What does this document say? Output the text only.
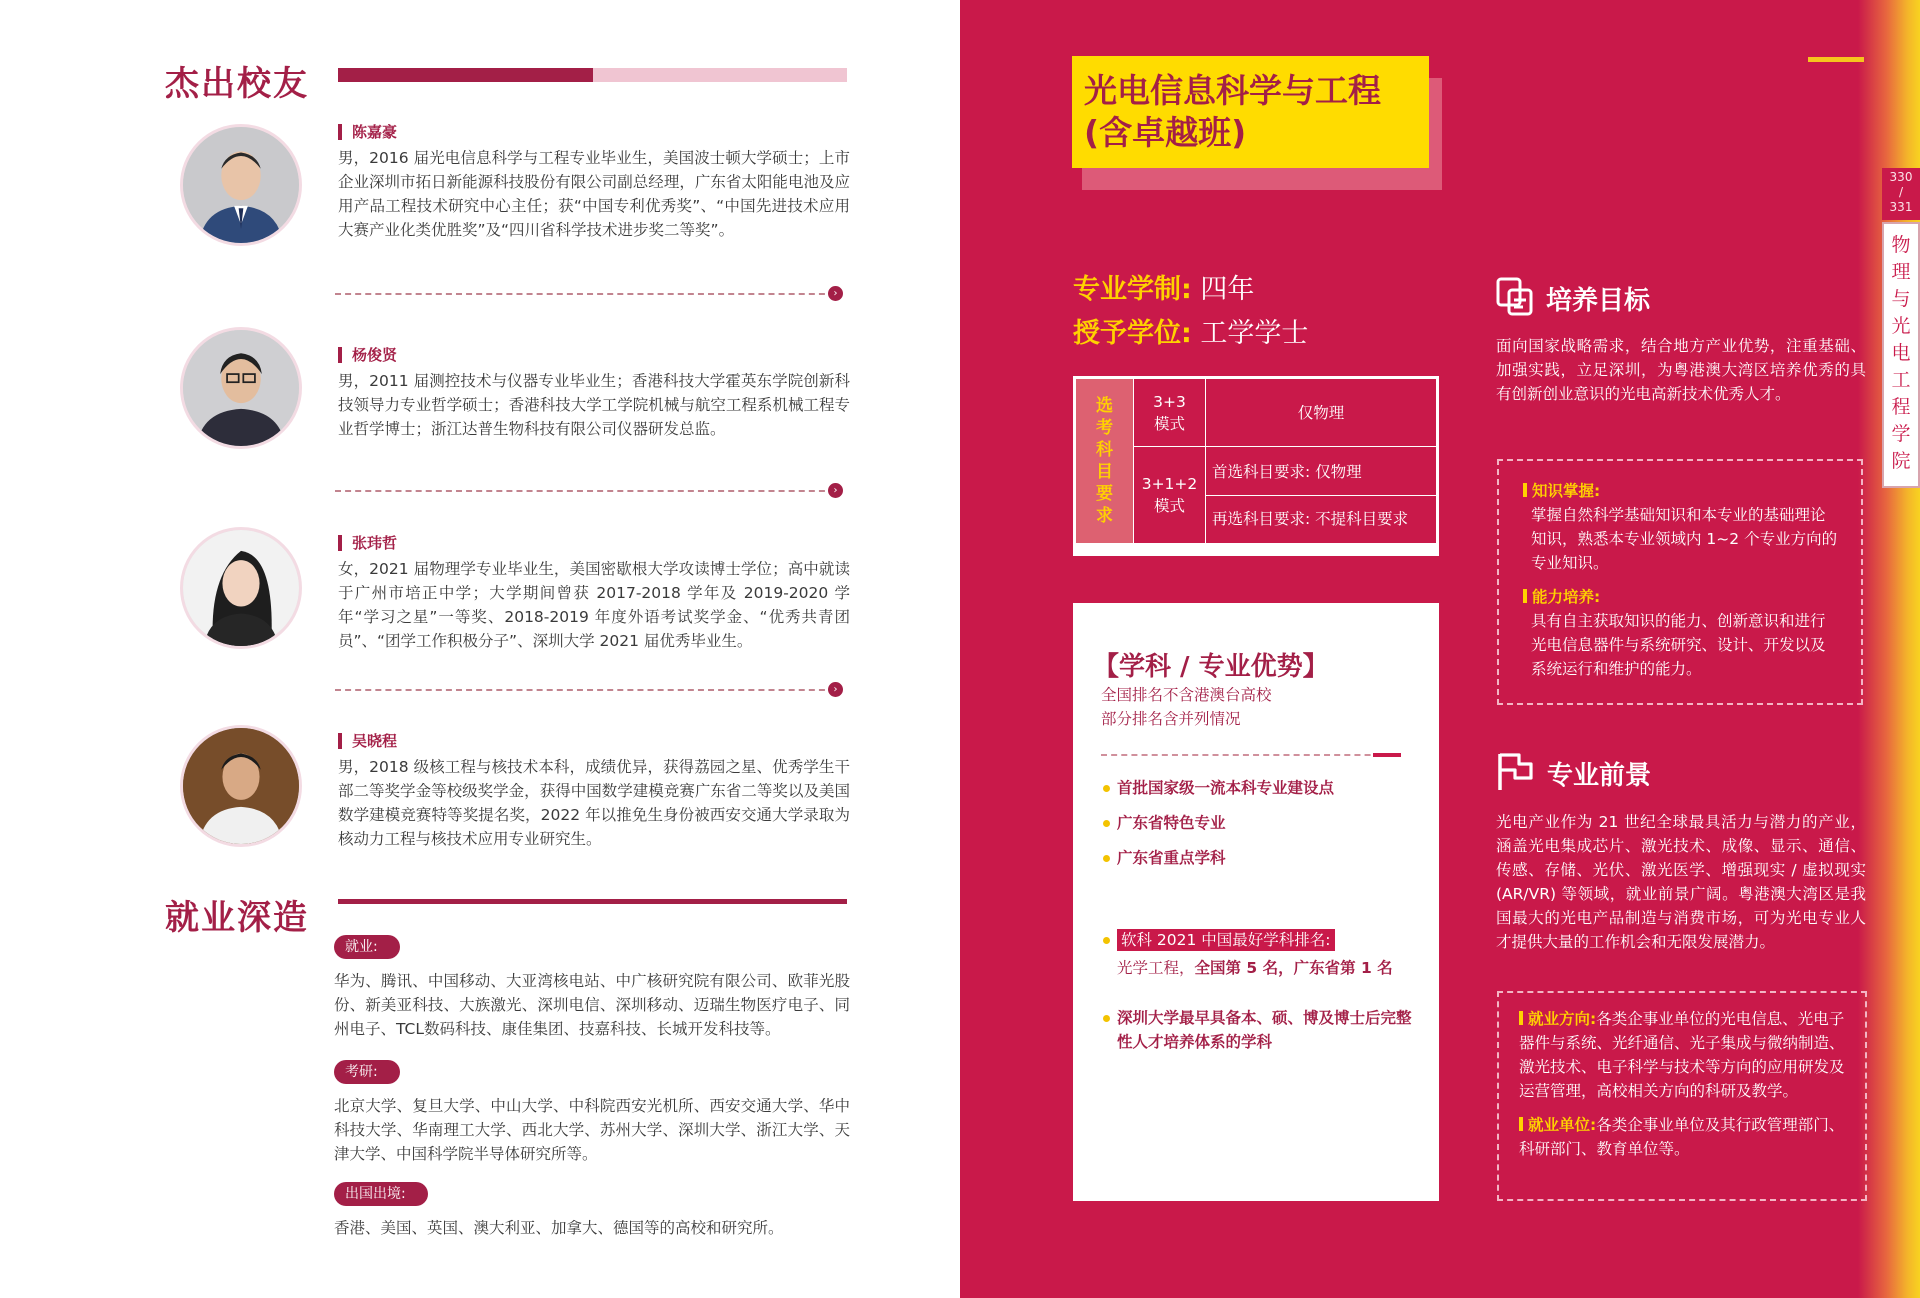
杰出校友
陈嘉豪
男，2016 届光电信息科学与工程专业毕业生，美国波士顿大学硕士；上市企业深圳市拓日新能源科技股份有限公司副总经理，广东省太阳能电池及应用产品工程技术研究中心主任；获“中国专利优秀奖”、“中国先进技术应用大赛产业化类优胜奖”及“四川省科学技术进步奖二等奖”。
›
杨俊贤
男，2011 届测控技术与仪器专业毕业生；香港科技大学霍英东学院创新科技领导力专业哲学硕士；香港科技大学工学院机械与航空工程系机械工程专业哲学博士；浙江达普生物科技有限公司仪器研发总监。
›
张玮哲
女，2021 届物理学专业毕业生，美国密歇根大学攻读博士学位；高中就读于广州市培正中学；大学期间曾获 2017-2018 学年及 2019-2020 学年“学习之星”一等奖、2018-2019 年度外语考试奖学金、“优秀共青团员”、“团学工作积极分子”、深圳大学 2021 届优秀毕业生。
›
吴晓程
男，2018 级核工程与核技术本科，成绩优异，获得荔园之星、优秀学生干部二等奖学金等校级奖学金，获得中国数学建模竞赛广东省二等奖以及美国数学建模竞赛特等奖提名奖，2022 年以推免生身份被西安交通大学录取为核动力工程与核技术应用专业研究生。
就业深造
就业:
华为、腾讯、中国移动、大亚湾核电站、中广核研究院有限公司、欧菲光股份、新美亚科技、大族激光、深圳电信、深圳移动、迈瑞生物医疗电子、同州电子、TCL数码科技、康佳集团、技嘉科技、长城开发科技等。
考研:
北京大学、复旦大学、中山大学、中科院西安光机所、西安交通大学、华中科技大学、华南理工大学、西北大学、苏州大学、深圳大学、浙江大学、天津大学、中国科学院半导体研究所等。
出国出境:
香港、美国、英国、澳大利亚、加拿大、德国等的高校和研究所。
330
/
331
物理与光电工程学院
光电信息科学与工程
(含卓越班)
专业学制: 四年
授予学位: 工学学士
选考科目要求	3+3 模式	仅物理

	3+1+2 模式	首选科目要求: 仅物理
再选科目要求: 不提科目要求
【学科 / 专业优势】
全国排名不含港澳台高校
部分排名含并列情况
首批国家级一流本科专业建设点
广东省特色专业
广东省重点学科
软科 2021 中国最好学科排名:
光学工程，全国第 5 名，广东省第 1 名
深圳大学最早具备本、硕、博及博士后完整性人才培养体系的学科
培养目标
面向国家战略需求，结合地方产业优势，注重基础、加强实践，立足深圳，为粤港澳大湾区培养优秀的具有创新创业意识的光电高新技术优秀人才。

知识掌握:

掌握自然科学基础知识和本专业的基础理论知识，熟悉本专业领域内 1~2 个专业方向的专业知识。

能力培养:

具有自主获取知识的能力、创新意识和进行光电信息器件与系统研究、设计、开发以及系统运行和维护的能力。

专业前景
光电产业作为 21 世纪全球最具活力与潜力的产业， 涵盖光电集成芯片、激光技术、成像、显示、通信、传感、存储、光伏、激光医学、增强现实 / 虚拟现实 (AR/VR) 等领域，就业前景广阔。粤港澳大湾区是我国最大的光电产品制造与消费市场，可为光电专业人才提供大量的工作机会和无限发展潜力。

就业方向:各类企事业单位的光电信息、光电子器件与系统、光纤通信、光子集成与微纳制造、激光技术、电子科学与技术等方向的应用研发及运营管理，高校相关方向的科研及教学。

就业单位:各类企事业单位及其行政管理部门、科研部门、教育单位等。
